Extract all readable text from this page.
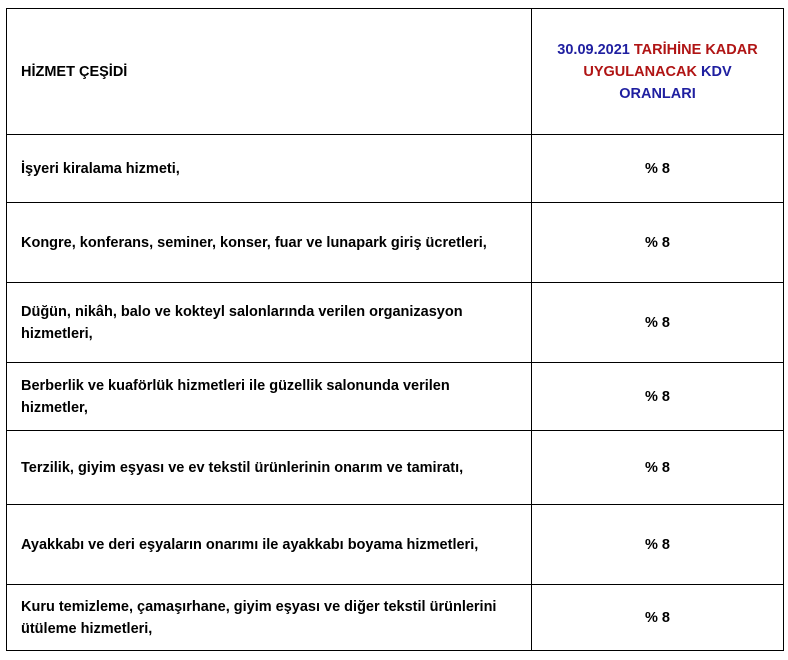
HİZMET ÇEŞİDİ	30.09.2021 TARİHİNE KADAR UYGULANACAK KDV ORANLARI
İşyeri kiralama hizmeti,	% 8
Kongre, konferans, seminer, konser, fuar ve lunapark giriş ücretleri,	% 8
Düğün, nikâh, balo ve kokteyl salonlarında verilen organizasyon hizmetleri,	% 8
Berberlik ve kuaförlük hizmetleri ile güzellik salonunda verilen hizmetler,	% 8
Terzilik, giyim eşyası ve ev tekstil ürünlerinin onarım ve tamiratı,	% 8
Ayakkabı ve deri eşyaların onarımı ile ayakkabı boyama hizmetleri,	% 8
Kuru temizleme, çamaşırhane, giyim eşyası ve diğer tekstil ürünlerini ütüleme hizmetleri,	% 8
